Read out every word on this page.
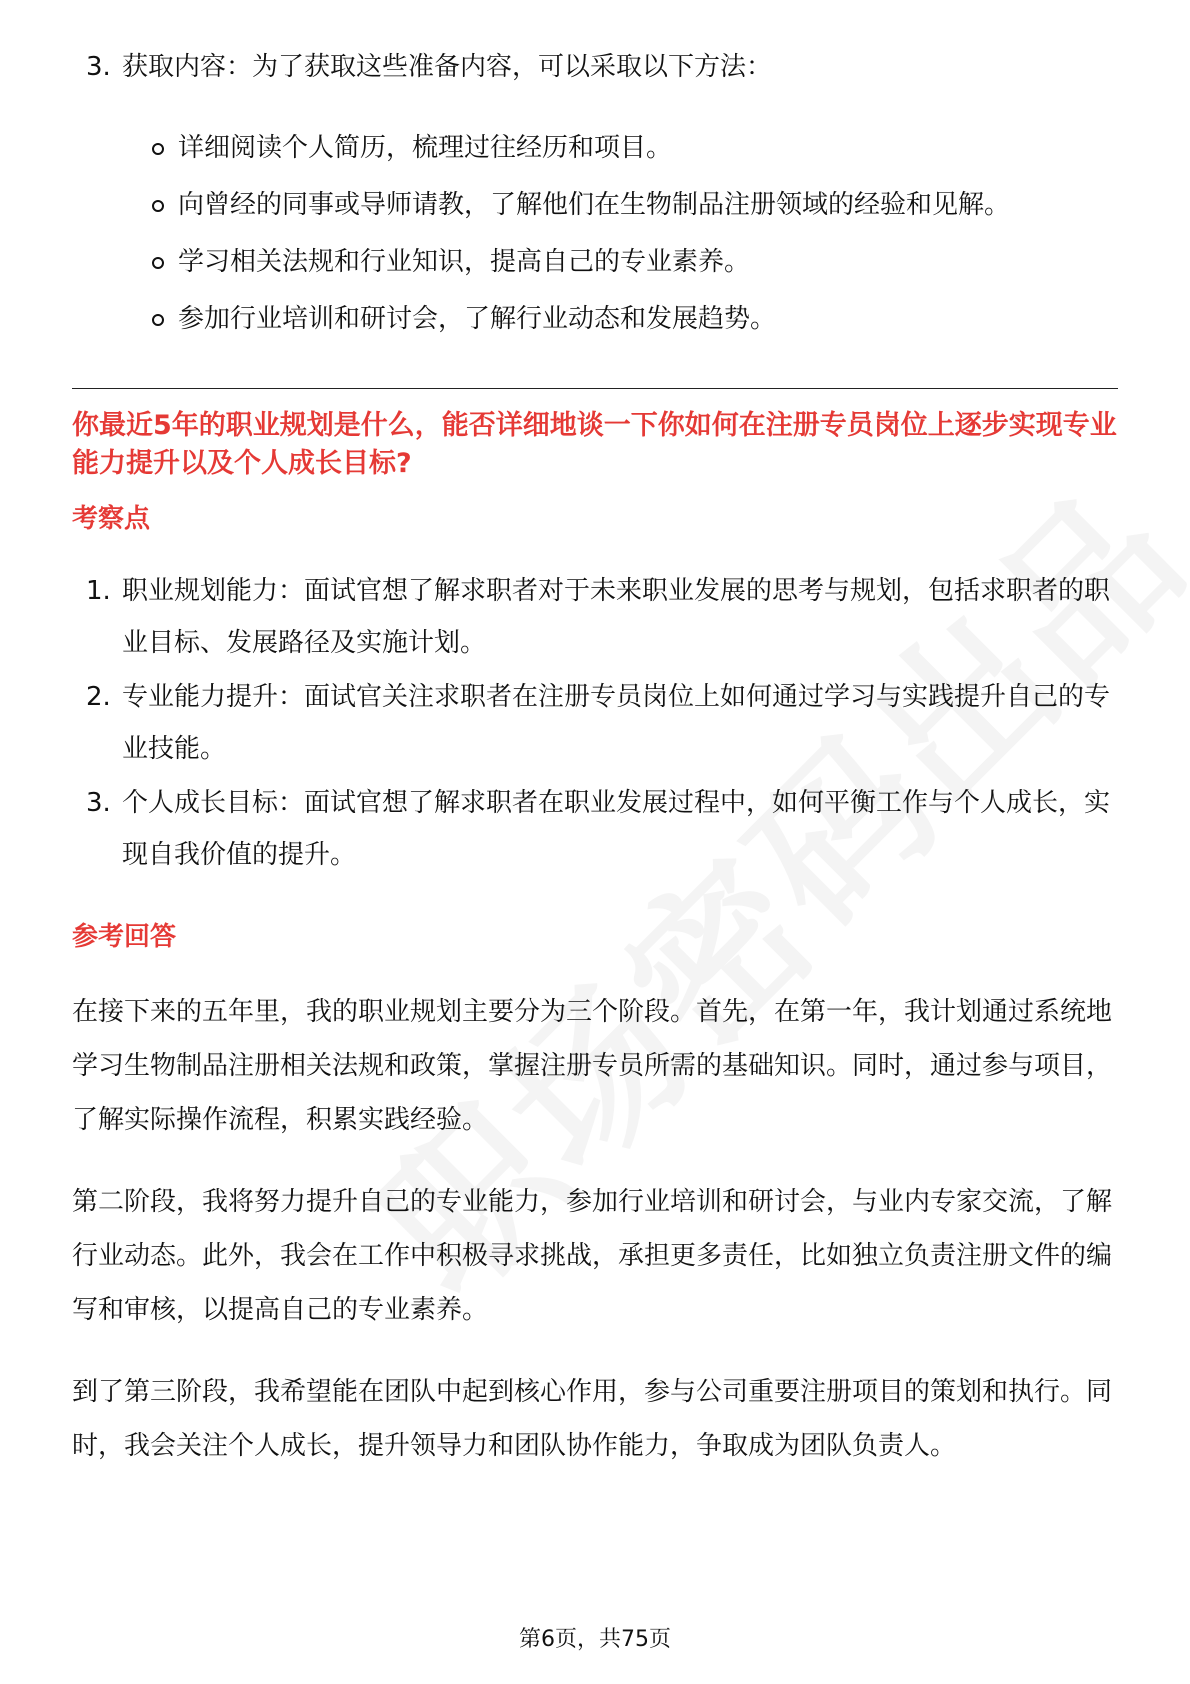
3. 获取内容：为了获取这些准备内容，可以采取以下方法：

详细阅读个人简历，梳理过往经历和项目。
向曾经的同事或导师请教，了解他们在生物制品注册领域的经验和见解。
学习相关法规和行业知识，提高自己的专业素养。
参加行业培训和研讨会，了解行业动态和发展趋势。

你最近5年的职业规划是什么，能否详细地谈一下你如何在注册专员岗位上逐步实现专业能力提升以及个人成长目标?

考察点

1. 职业规划能力：面试官想了解求职者对于未来职业发展的思考与规划，包括求职者的职业目标、发展路径及实施计划。
2. 专业能力提升：面试官关注求职者在注册专员岗位上如何通过学习与实践提升自己的专业技能。
3. 个人成长目标：面试官想了解求职者在职业发展过程中，如何平衡工作与个人成长，实现自我价值的提升。

参考回答

在接下来的五年里，我的职业规划主要分为三个阶段。首先，在第一年，我计划通过系统地学习生物制品注册相关法规和政策，掌握注册专员所需的基础知识。同时，通过参与项目，了解实际操作流程，积累实践经验。

第二阶段，我将努力提升自己的专业能力，参加行业培训和研讨会，与业内专家交流，了解行业动态。此外，我会在工作中积极寻求挑战，承担更多责任，比如独立负责注册文件的编写和审核，以提高自己的专业素养。

到了第三阶段，我希望能在团队中起到核心作用，参与公司重要注册项目的策划和执行。同时，我会关注个人成长，提升领导力和团队协作能力，争取成为团队负责人。

第6页，共75页
